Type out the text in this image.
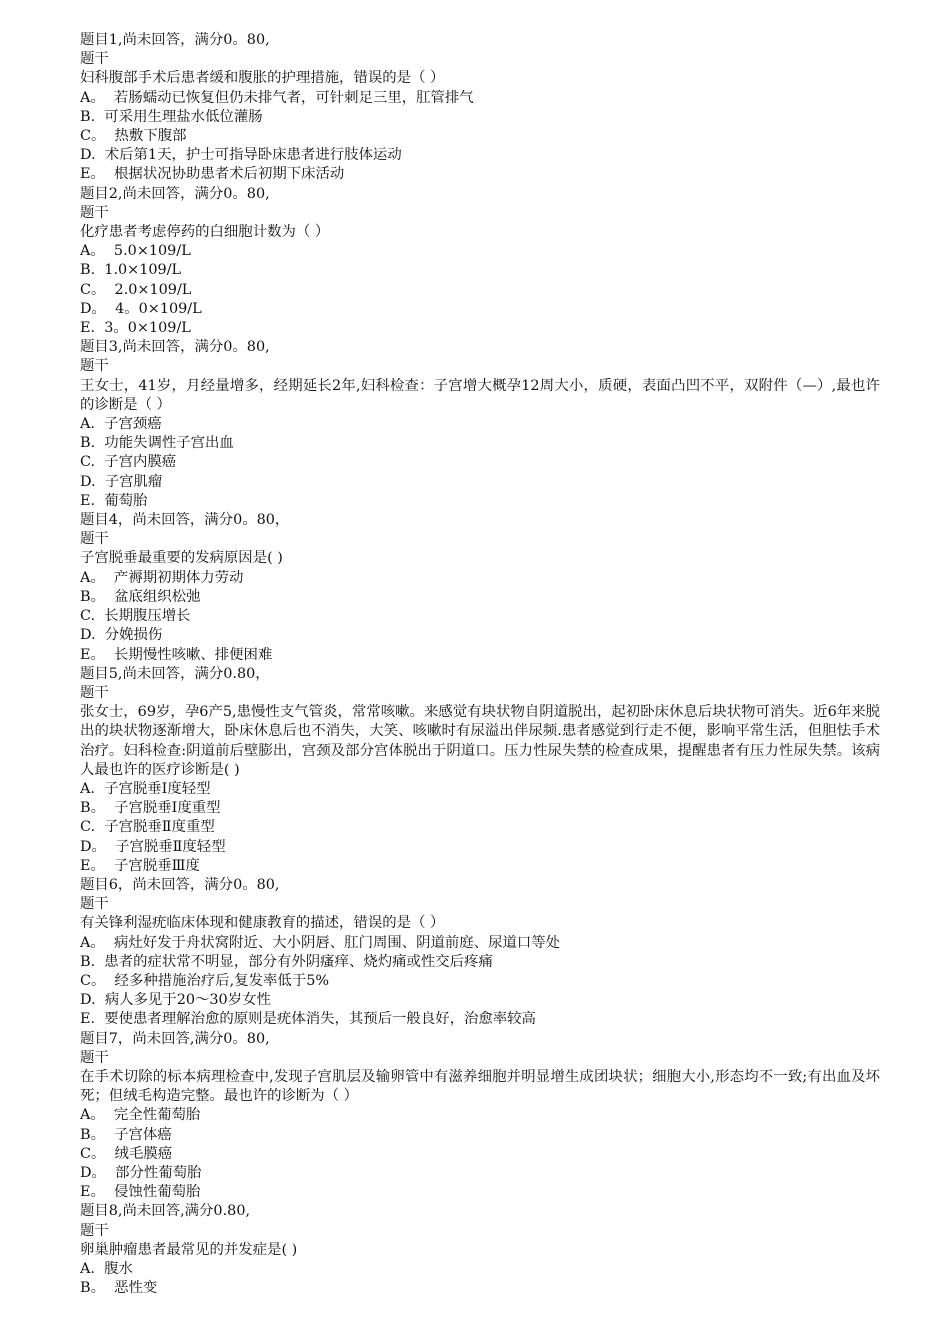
题目1,尚未回答，满分0。80,

题干

妇科腹部手术后患者缓和腹胀的护理措施，错误的是（ ）

A。  若肠蠕动已恢复但仍未排气者，可针刺足三里，肛管排气

B.  可采用生理盐水低位灌肠

C。  热敷下腹部

D.  术后第1天，护士可指导卧床患者进行肢体运动

E。  根据状况协助患者术后初期下床活动

题目2,尚未回答，满分0。80,

题干

化疗患者考虑停药的白细胞计数为（ ）

A。  5.0×109/L

B.  1.0×109/L

C。  2.0×109/L

D。  4。0×109/L

E.  3。0×109/L

题目3,尚未回答，满分0。80,

题干

王女士，41岁，月经量增多，经期延长2年,妇科检查：子宫增大概孕12周大小，质硬，表面凸凹不平，双附件（—）,最也许的诊断是（ ）

A.  子宫颈癌

B.  功能失调性子宫出血

C.  子宫内膜癌

D.  子宫肌瘤

E.  葡萄胎

题目4，尚未回答，满分0。80，

题干

子宫脱垂最重要的发病原因是( )

A。  产褥期初期体力劳动

B。  盆底组织松弛

C.  长期腹压增长

D.  分娩损伤

E。  长期慢性咳嗽、排便困难

题目5,尚未回答，满分0.80，

题干

张女士，69岁，孕6产5,患慢性支气管炎，常常咳嗽。来感觉有块状物自阴道脱出，起初卧床休息后块状物可消失。近6年来脱出的块状物逐渐增大，卧床休息后也不消失，大笑、咳嗽时有尿溢出伴尿频.患者感觉到行走不便，影响平常生活，但胆怯手术治疗。妇科检查:阴道前后壁膨出，宫颈及部分宫体脱出于阴道口。压力性尿失禁的检查成果，提醒患者有压力性尿失禁。该病人最也许的医疗诊断是( )

A.  子宫脱垂Ⅰ度轻型

B。  子宫脱垂Ⅰ度重型

C.  子宫脱垂Ⅱ度重型

D。  子宫脱垂Ⅱ度轻型

E。  子宫脱垂Ⅲ度

题目6，尚未回答，满分0。80,

题干

有关锋利湿疣临床体现和健康教育的描述，错误的是（ ）

A。  病灶好发于舟状窝附近、大小阴唇、肛门周围、阴道前庭、尿道口等处

B.  患者的症状常不明显，部分有外阴瘙痒、烧灼痛或性交后疼痛

C。  经多种措施治疗后,复发率低于5%

D.  病人多见于20～30岁女性

E.  要使患者理解治愈的原则是疣体消失，其预后一般良好，治愈率较高

题目7，尚未回答,满分0。80,

题干

在手术切除的标本病理检查中,发现子宫肌层及输卵管中有滋养细胞并明显增生成团块状；细胞大小,形态均不一致;有出血及坏死；但绒毛构造完整。最也许的诊断为（ ）

A。  完全性葡萄胎

B。  子宫体癌

C。  绒毛膜癌

D。  部分性葡萄胎

E。  侵蚀性葡萄胎

题目8,尚未回答,满分0.80,

题干

卵巢肿瘤患者最常见的并发症是( )

A.  腹水

B。  恶性变
